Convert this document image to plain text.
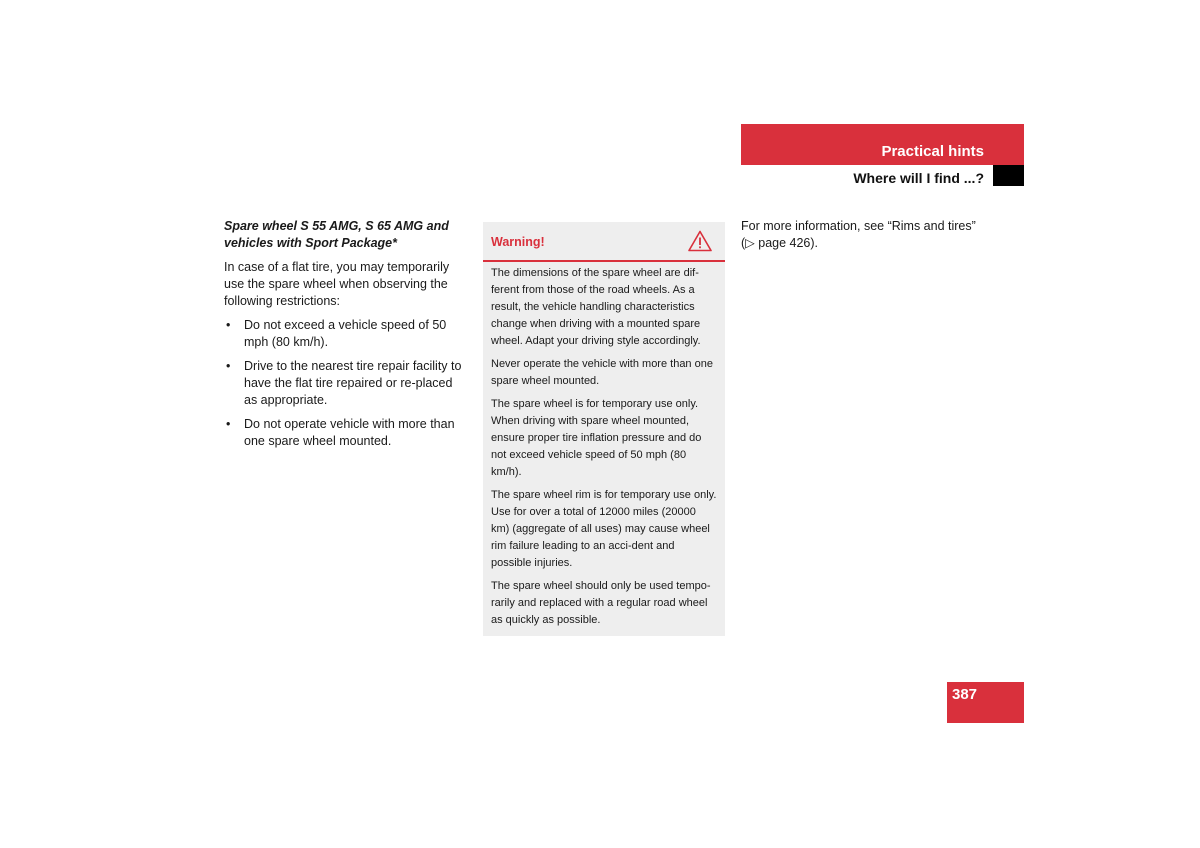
Practical hints
Where will I find ...?

Spare wheel S 55 AMG, S 65 AMG and vehicles with Sport Package*

In case of a flat tire, you may temporarily use the spare wheel when observing the following restrictions:

• Do not exceed a vehicle speed of 50 mph (80 km/h).
• Drive to the nearest tire repair facility to have the flat tire repaired or re-placed as appropriate.
• Do not operate vehicle with more than one spare wheel mounted.
Warning!

The dimensions of the spare wheel are dif-ferent from those of the road wheels. As a result, the vehicle handling characteristics change when driving with a mounted spare wheel. Adapt your driving style accordingly.

Never operate the vehicle with more than one spare wheel mounted.

The spare wheel is for temporary use only. When driving with spare wheel mounted, ensure proper tire inflation pressure and do not exceed vehicle speed of 50 mph (80 km/h).

The spare wheel rim is for temporary use only. Use for over a total of 12000 miles (20000 km) (aggregate of all uses) may cause wheel rim failure leading to an acci-dent and possible injuries.

The spare wheel should only be used tempo-rarily and replaced with a regular road wheel as quickly as possible.

For more information, see “Rims and tires” (▷ page 426).

387
